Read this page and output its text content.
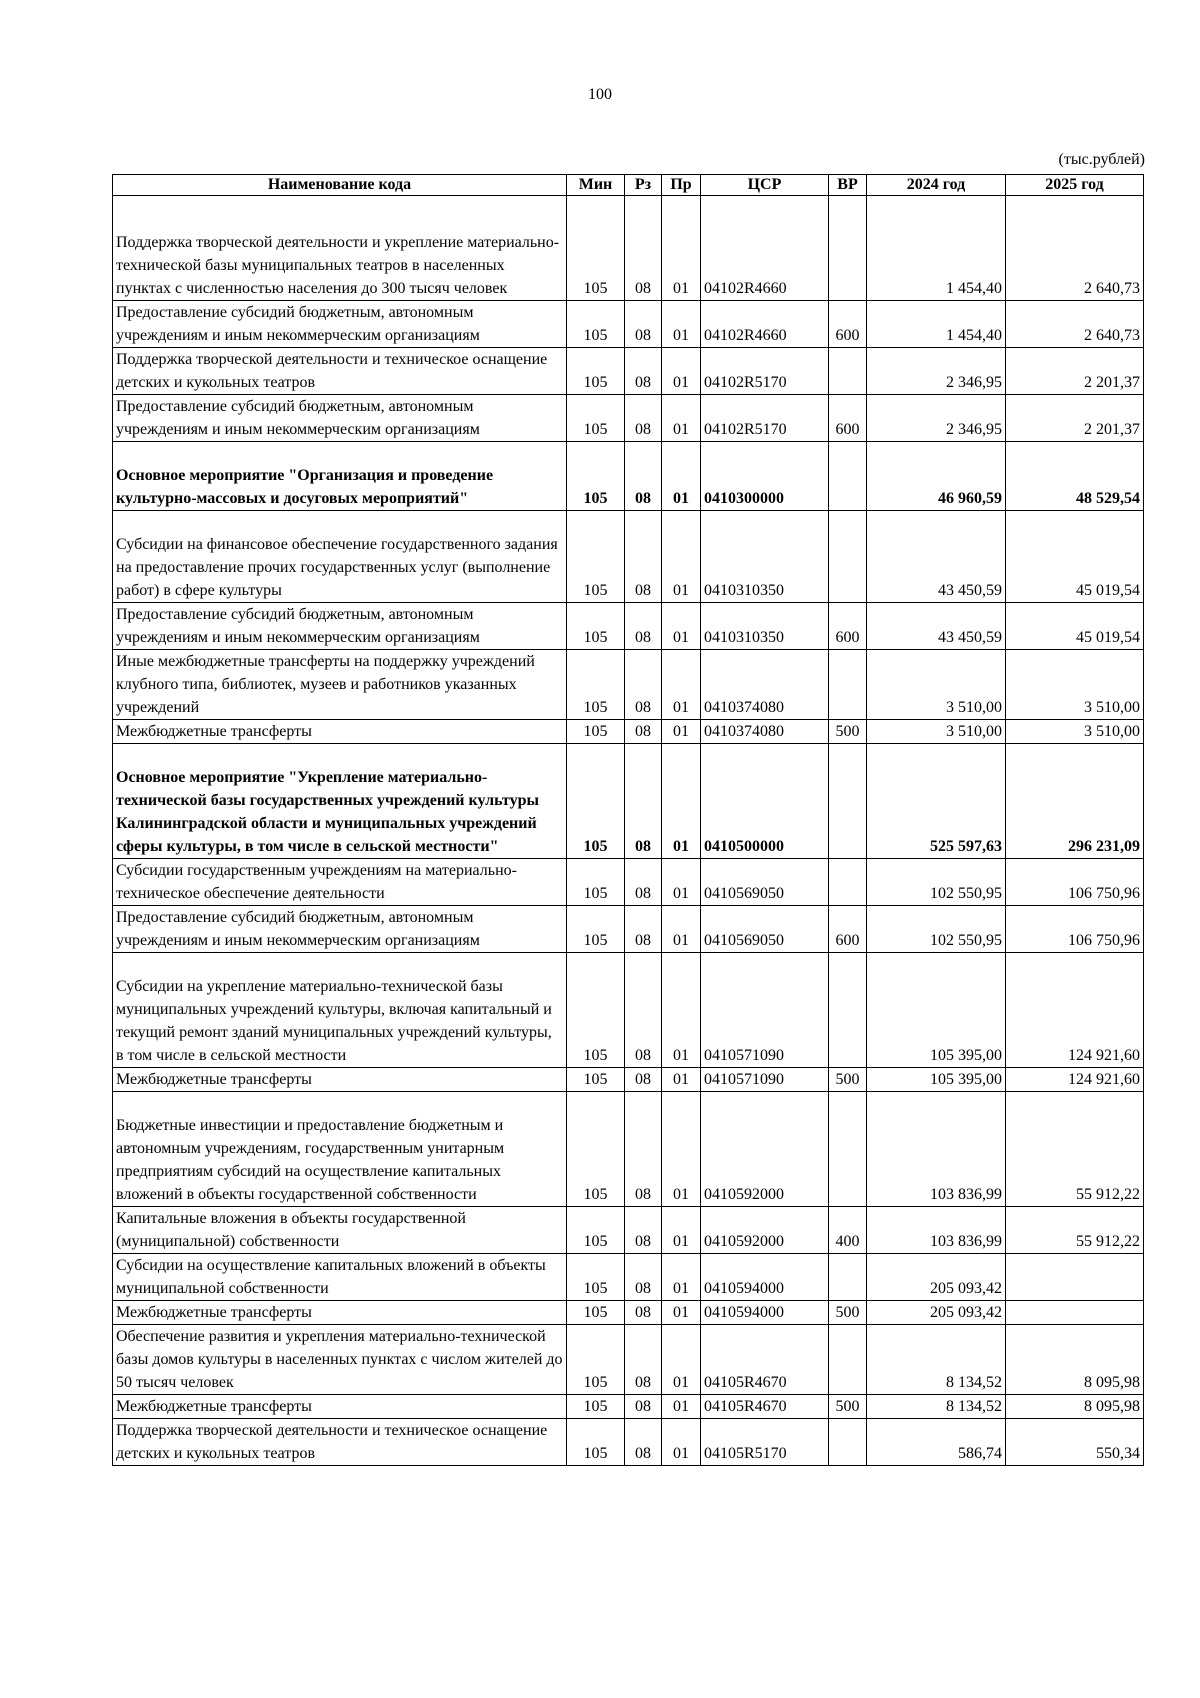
100
(тыс.рублей)
Наименование кода	Мин	Рз	Пр	ЦСР	ВР	2024 год	2025 год
Поддержка творческой деятельности и укрепление материально-технической базы муниципальных театров в населенных пунктах с численностью населения до 300 тысяч человек	105	08	01	04102R4660		1 454,40	2 640,73
Предоставление субсидий бюджетным, автономным учреждениям и иным некоммерческим организациям	105	08	01	04102R4660	600	1 454,40	2 640,73
Поддержка творческой деятельности и техническое оснащение детских и кукольных театров	105	08	01	04102R5170		2 346,95	2 201,37
Предоставление субсидий бюджетным, автономным учреждениям и иным некоммерческим организациям	105	08	01	04102R5170	600	2 346,95	2 201,37
Основное мероприятие "Организация и проведение культурно-массовых и досуговых мероприятий"	105	08	01	0410300000		46 960,59	48 529,54
Субсидии на финансовое обеспечение государственного задания на предоставление прочих государственных услуг (выполнение работ) в сфере культуры	105	08	01	0410310350		43 450,59	45 019,54
Предоставление субсидий бюджетным, автономным учреждениям и иным некоммерческим организациям	105	08	01	0410310350	600	43 450,59	45 019,54
Иные межбюджетные трансферты на поддержку учреждений клубного типа, библиотек, музеев и работников указанных учреждений	105	08	01	0410374080		3 510,00	3 510,00
Межбюджетные трансферты	105	08	01	0410374080	500	3 510,00	3 510,00
Основное мероприятие "Укрепление материально-технической базы государственных учреждений культуры Калининградской области и муниципальных учреждений сферы культуры, в том числе в сельской местности"	105	08	01	0410500000		525 597,63	296 231,09
Субсидии государственным учреждениям на материально-техническое обеспечение деятельности	105	08	01	0410569050		102 550,95	106 750,96
Предоставление субсидий бюджетным, автономным учреждениям и иным некоммерческим организациям	105	08	01	0410569050	600	102 550,95	106 750,96
Субсидии на укрепление материально-технической базы муниципальных учреждений культуры, включая капитальный и текущий ремонт зданий муниципальных учреждений культуры, в том числе в сельской местности	105	08	01	0410571090		105 395,00	124 921,60
Межбюджетные трансферты	105	08	01	0410571090	500	105 395,00	124 921,60
Бюджетные инвестиции и предоставление бюджетным и автономным учреждениям, государственным унитарным предприятиям субсидий на осуществление капитальных вложений в объекты государственной собственности	105	08	01	0410592000		103 836,99	55 912,22
Капитальные вложения в объекты государственной (муниципальной) собственности	105	08	01	0410592000	400	103 836,99	55 912,22
Субсидии на осуществление капитальных вложений в объекты муниципальной собственности	105	08	01	0410594000		205 093,42	
Межбюджетные трансферты	105	08	01	0410594000	500	205 093,42	
Обеспечение развития и укрепления материально-технической базы домов культуры в населенных пунктах с числом жителей до 50 тысяч человек	105	08	01	04105R4670		8 134,52	8 095,98
Межбюджетные трансферты	105	08	01	04105R4670	500	8 134,52	8 095,98
Поддержка творческой деятельности и техническое оснащение детских и кукольных театров	105	08	01	04105R5170		586,74	550,34
